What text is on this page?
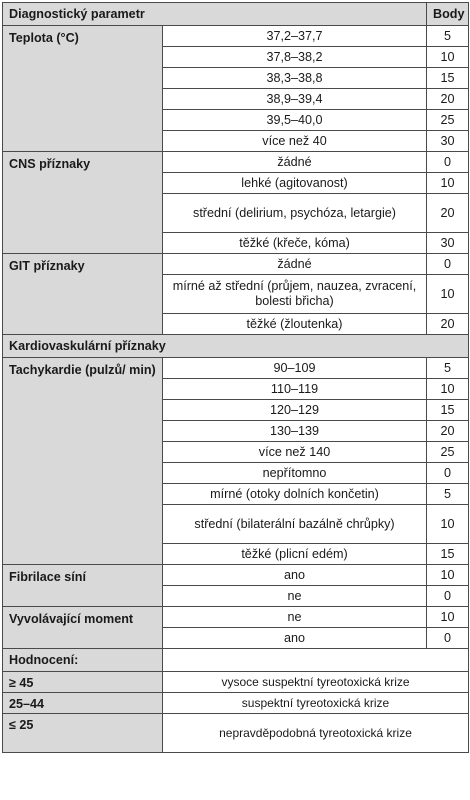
Diagnostický parametr		Body
Teplota (°C)	37,2–37,7	5
	37,8–38,2	10
	38,3–38,8	15
	38,9–39,4	20
	39,5–40,0	25
	více než 40	30
CNS příznaky	žádné	0
	lehké (agitovanost)	10
	střední (delirium, psychóza, letargie)	20
	těžké (křeče, kóma)	30
GIT příznaky	žádné	0
	mírné až střední (průjem, nauzea, zvracení, bolesti břicha)	10
	těžké (žloutenka)	20
Kardiovaskulární příznaky		
Tachykardie (pulzů/ min)	90–109	5
	110–119	10
	120–129	15
	130–139	20
	více než 140	25
	nepřítomno	0
	mírné (otoky dolních končetin)	5
	střední (bilaterální bazálně chrůpky)	10
	těžké (plicní edém)	15
Fibrilace síní	ano	10
	ne	0
Vyvolávající moment	ne	10
	ano	0
Hodnocení:		
≥ 45	vysoce suspektní tyreotoxická krize	
25–44	suspektní tyreotoxická krize	
≤ 25	nepravděpodobná tyreotoxická krize	
